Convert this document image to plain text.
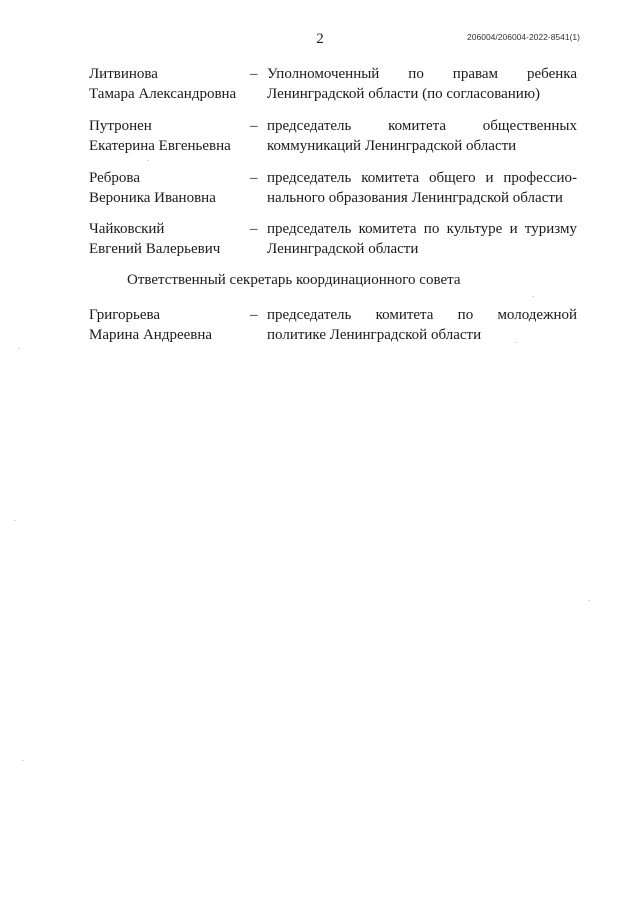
2	206004/206004-2022-8541(1)
Литвинова
Тамара Александровна
– Уполномоченный по правам ребенка
Ленинградской области (по согласованию)
Путронен
Екатерина Евгеньевна
– председатель комитета общественных
коммуникаций Ленинградской области
Реброва
Вероника Ивановна
– председатель комитета общего и профессио-
нального образования Ленинградской области
Чайковский
Евгений Валерьевич
– председатель комитета по культуре и туризму
Ленинградской области
Ответственный секретарь координационного совета
Григорьева
Марина Андреевна
– председатель комитета по молодежной
политике Ленинградской области
